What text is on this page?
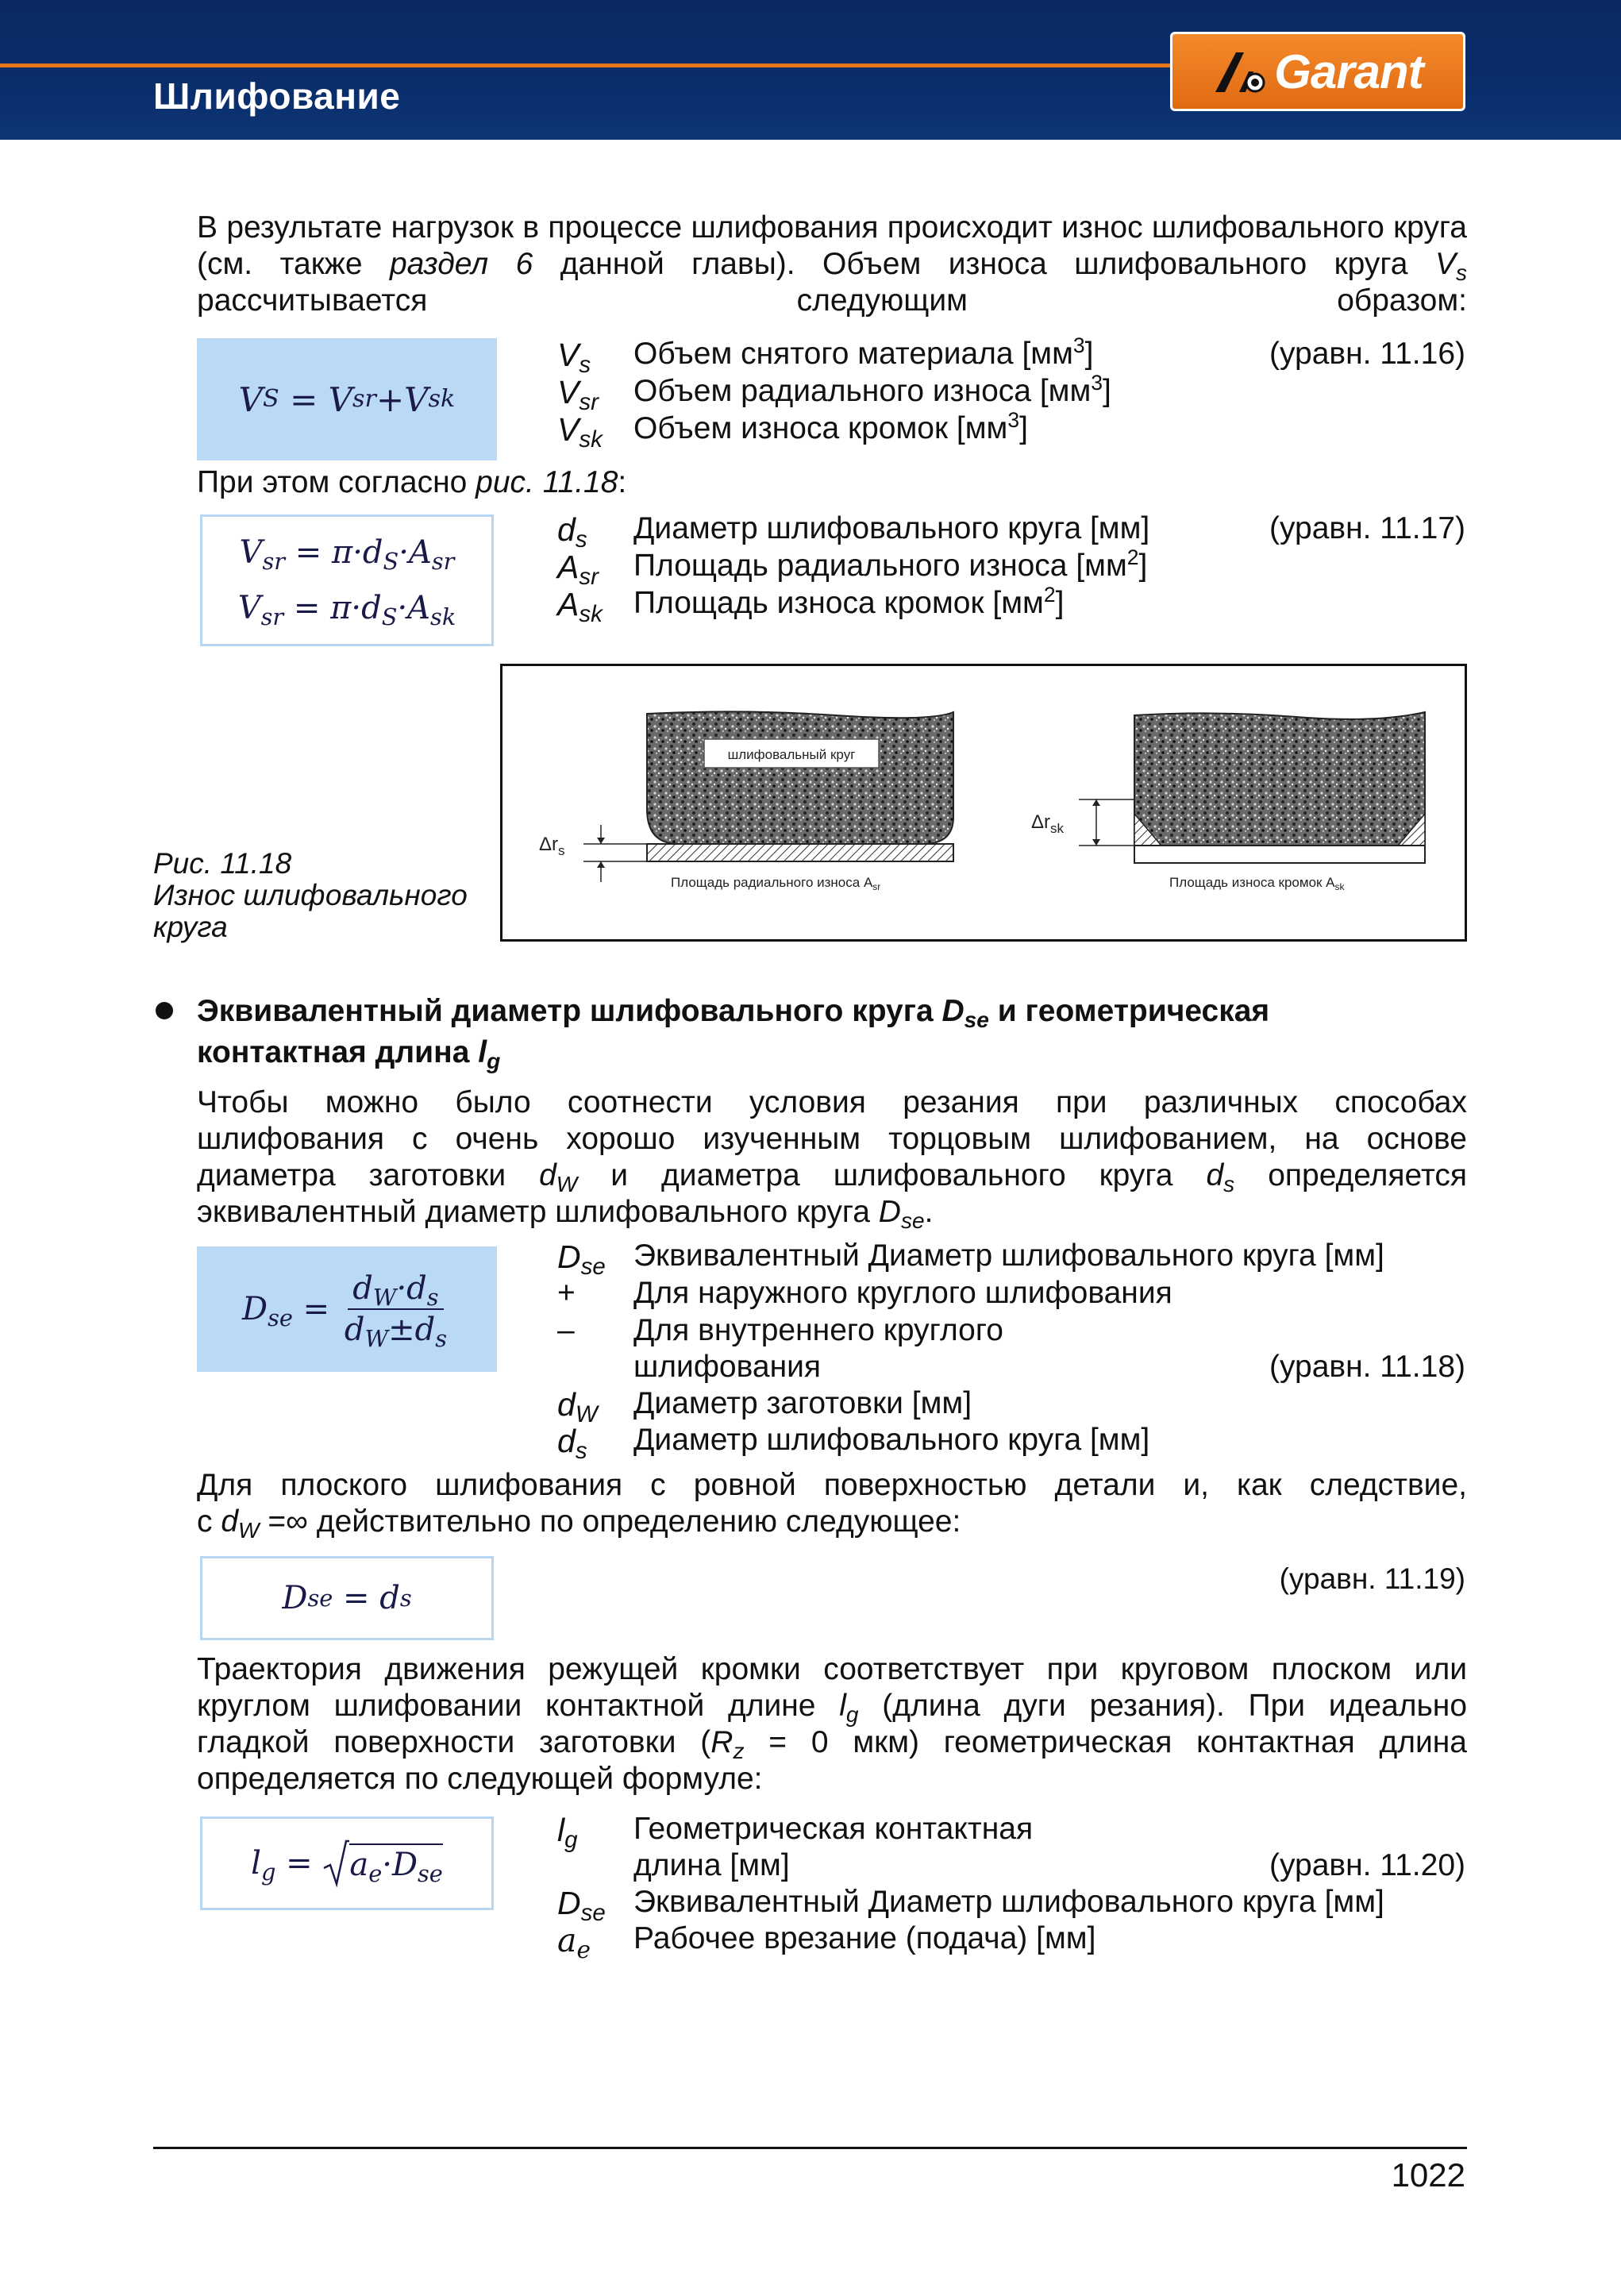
Шлифование	Garant
В результате нагрузок в процессе шлифования происходит износ шлифовального круга (см. также раздел 6 данной главы). Объем износа шлифовального круга $V_s$ рассчитывается следующим образом:
V S = V sr +V sk
$V_s$ Объем снятого материала $[мм^3]$
$V_{sr}$ Объем радиального износа $[мм^3]$
$V_{sk}$ Объем износа кромок $[мм^3]$
(уравн. 11.16)
При этом согласно рис. 11.18:
$V_{sr} = \pi\cdot d_S\cdot A_{sr}$
$V_{sr} = \pi\cdot d_S\cdot A_{sk}$
$d_s$ Диаметр шлифовального круга [мм]
$A_{sr}$ Площадь радиального износа $[мм^2]$
$A_{sk}$ Площадь износа кромок $[мм^2]$
(уравн. 11.17)
шлифовальный круг
$\Delta r_s$
Площадь радиального износа $A_{sr}$
$\Delta r_{sk}$
Площадь износа кромок $A_{sk}$
Рис. 11.18
Износ шлифовального
круга
Эквивалентный диаметр шлифовального круга $D_{se}$ и геометрическая
контактная длина $l_g$
Чтобы можно было соотнести условия резания при различных способах
шлифования с очень хорошо изученным торцовым шлифованием, на основе
диаметра заготовки $d_W$ и диаметра шлифовального круга $d_s$ определяется
эквивалентный диаметр шлифовального круга $D_{se}$.
$D_{se} = \frac{d_W\cdot d_s}{d_W\pm d_s}$
$D_{se}$ Эквивалентный Диаметр шлифовального круга [мм]
+ Для наружного круглого шлифования
– Для внутреннего круглого
шлифования	(уравн. 11.18)
$d_W$ Диаметр заготовки [мм]
$d_s$ Диаметр шлифовального круга [мм]
Для плоского шлифования с ровной поверхностью детали и, как следствие,
с $d_W$ =∞ действительно по определению следующее:
D se = d s
(уравн. 11.19)
Траектория движения режущей кромки соответствует при круговом плоском или
круглом шлифовании контактной длине $l_g$ (длина дуги резания). При идеально
гладкой поверхности заготовки ($R_z = 0$ мкм) геометрическая контактная длина
определяется по следующей формуле:
$l_g = a_e\cdot D_{se}$
$l_g$ Геометрическая контактная
длина [мм]	(уравн. 11.20)
$D_{se}$ Эквивалентный Диаметр шлифовального круга [мм]
$a_e$ Рабочее врезание (подача) [мм]
1022
